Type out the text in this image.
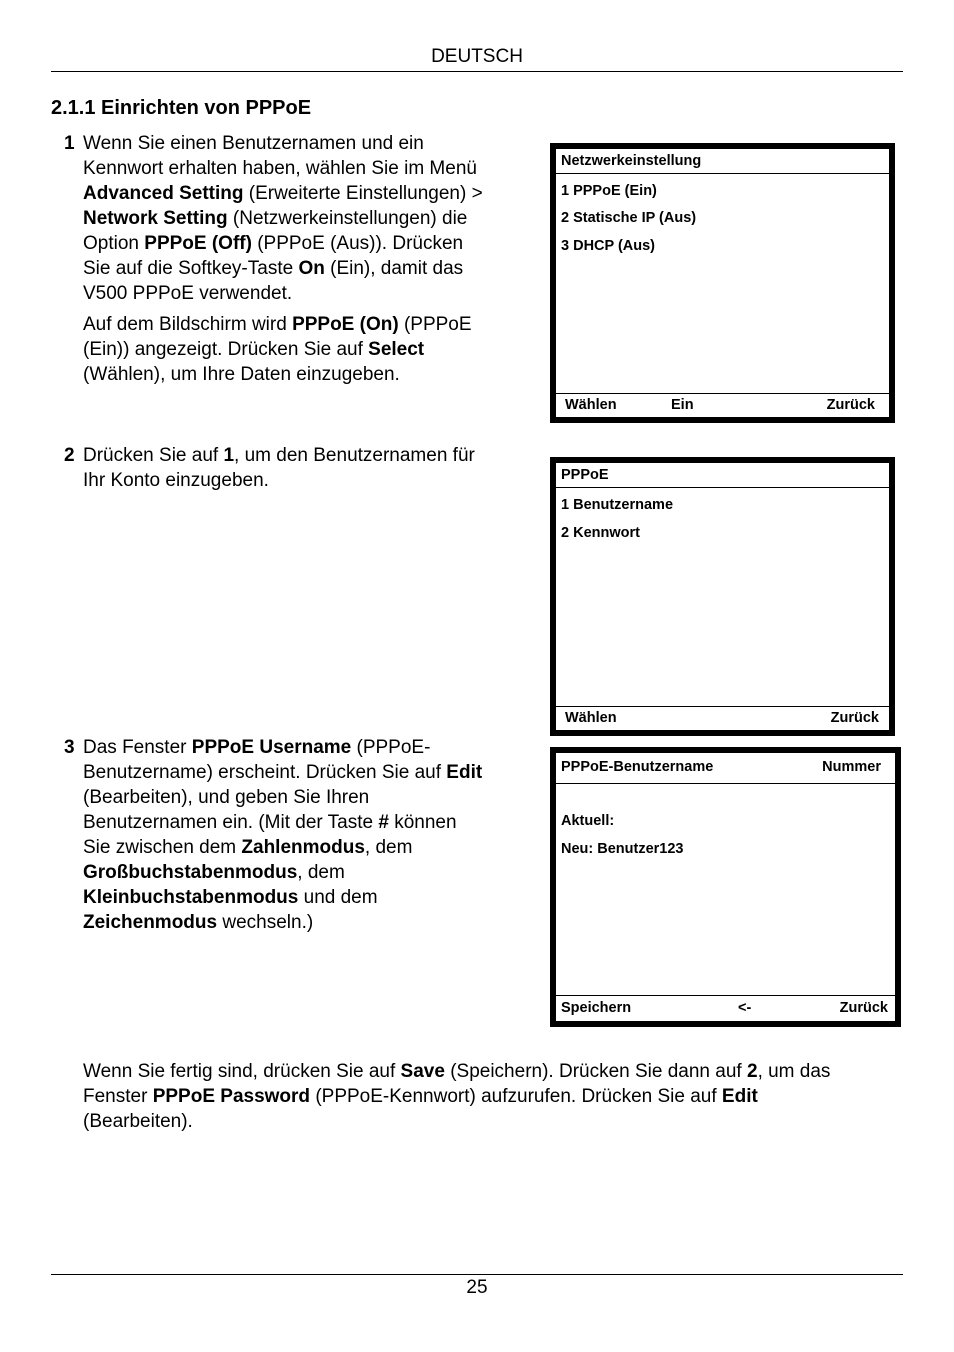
DEUTSCH
2.1.1 Einrichten von PPPoE
1 Wenn Sie einen Benutzernamen und ein
Kennwort erhalten haben, wählen Sie im Menü
Advanced Setting (Erweiterte Einstellungen) >
Network Setting (Netzwerkeinstellungen) die
Option PPPoE (Off) (PPPoE (Aus)). Drücken
Sie auf die Softkey-Taste On (Ein), damit das
V500 PPPoE verwendet.
Auf dem Bildschirm wird PPPoE (On) (PPPoE
(Ein)) angezeigt. Drücken Sie auf Select
(Wählen), um Ihre Daten einzugeben.
Netzwerkeinstellung
1 PPPoE (Ein)
2 Statische IP (Aus)
3 DHCP (Aus)
Wählen	Ein	Zurück
2 Drücken Sie auf 1, um den Benutzernamen für
Ihr Konto einzugeben.	PPPoE
1 Benutzername
2 Kennwort
Wählen	Zurück
3 Das Fenster PPPoE Username (PPPoE-
Benutzername) erscheint. Drücken Sie auf Edit
(Bearbeiten), und geben Sie Ihren
Benutzernamen ein. (Mit der Taste # können
Sie zwischen dem Zahlenmodus, dem
Großbuchstabenmodus, dem
Kleinbuchstabenmodus und dem
Zeichenmodus wechseln.)
PPPoE-Benutzername	Nummer
Aktuell:
Neu: Benutzer123
Speichern	<-	Zurück
Wenn Sie fertig sind, drücken Sie auf Save (Speichern). Drücken Sie dann auf 2, um das
Fenster PPPoE Password (PPPoE-Kennwort) aufzurufen. Drücken Sie auf Edit
(Bearbeiten).
25
